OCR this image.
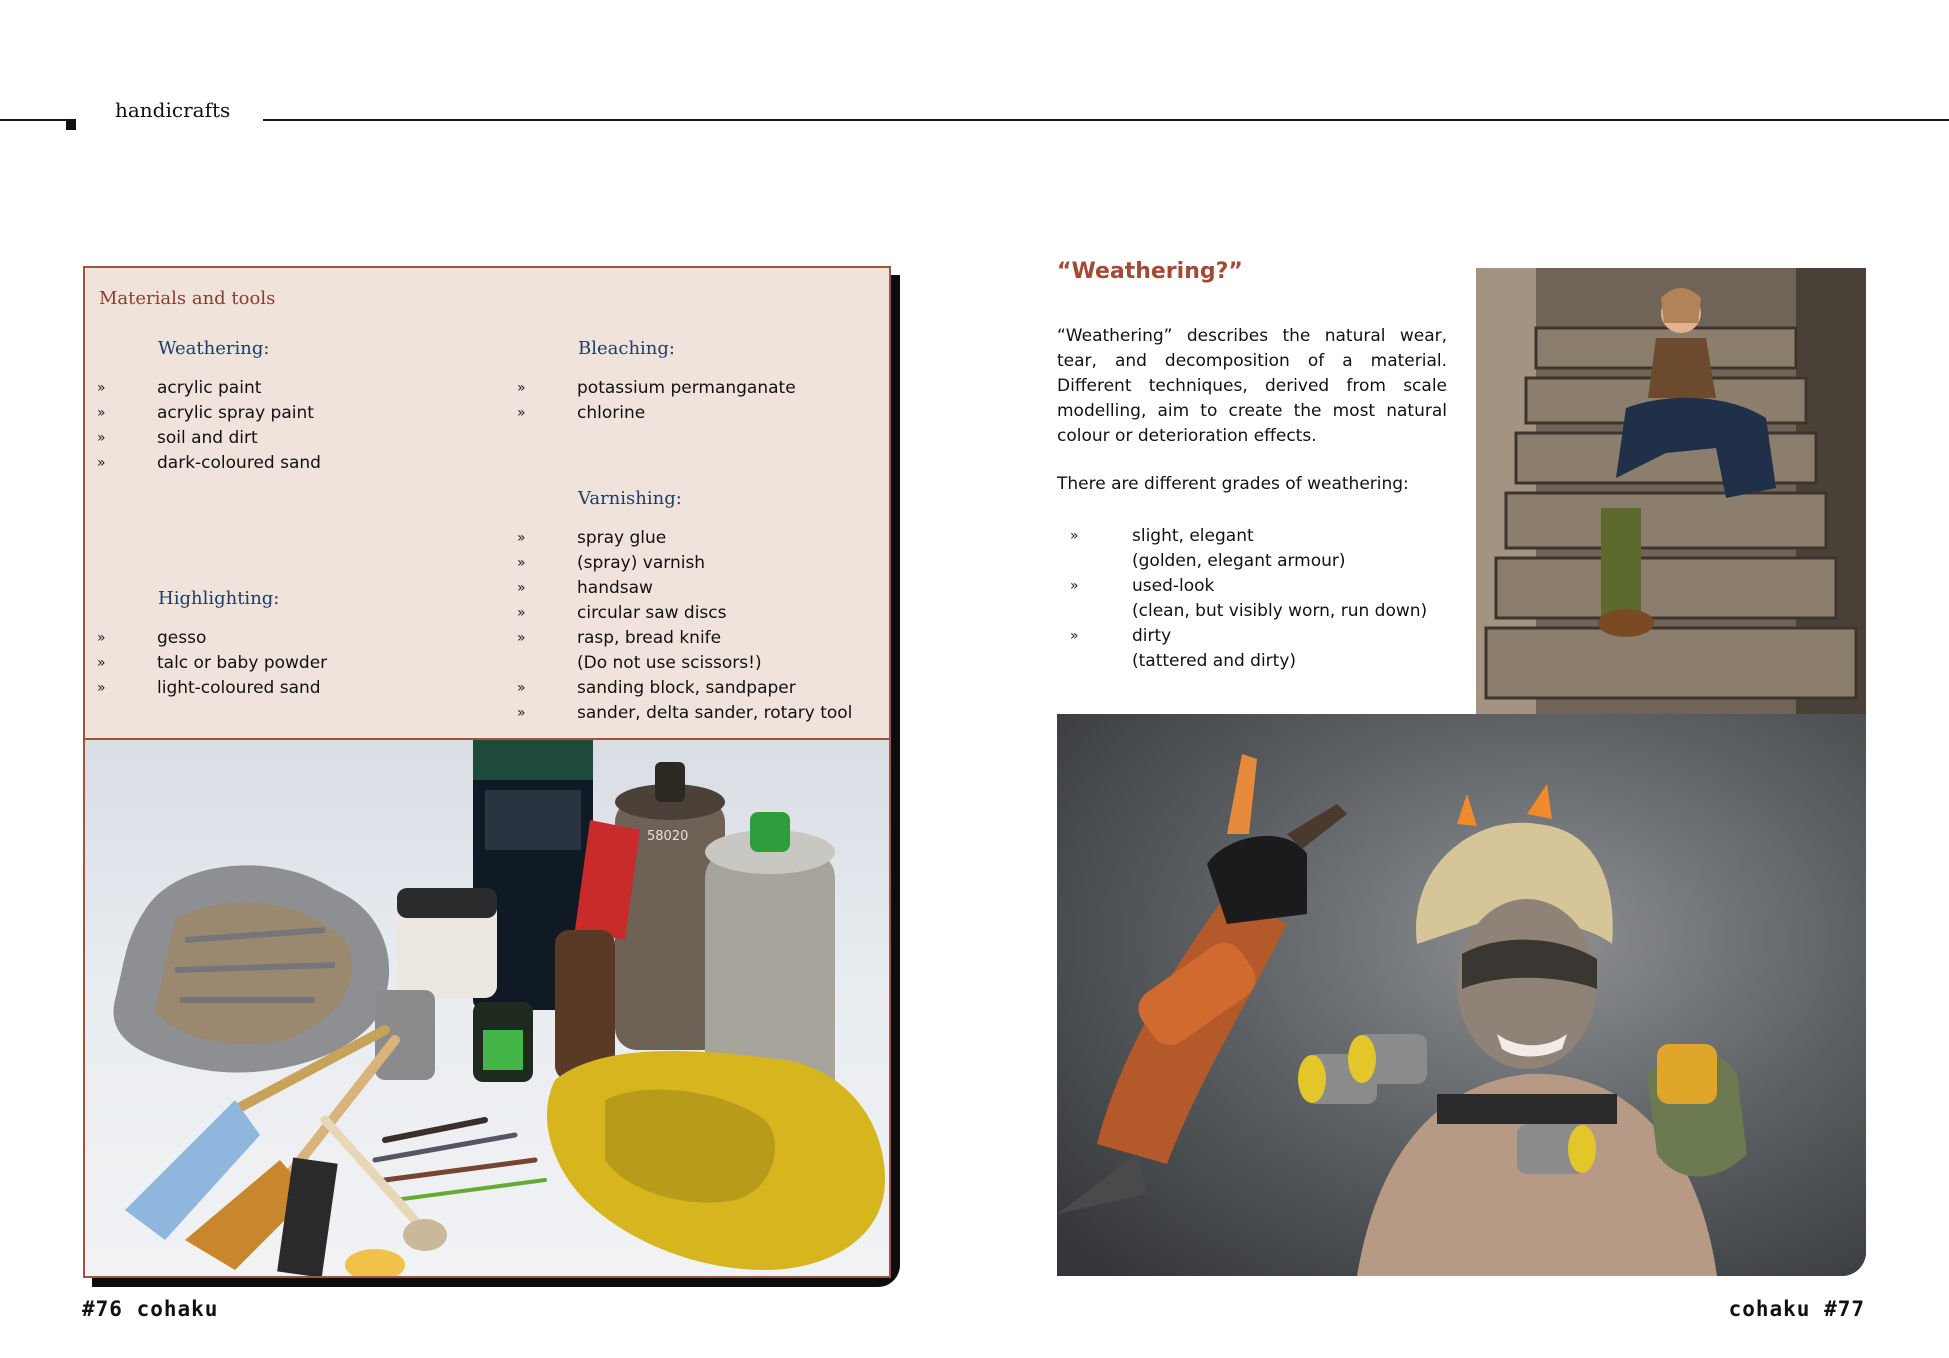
handicrafts
Materials and tools
Weathering:
»	acrylic paint
»	acrylic spray paint
»	soil and dirt
»	dark-coloured sand
Highlighting:
»	gesso
»	talc or baby powder
»	light-coloured sand
Bleaching:
»	potassium permanganate
»	chlorine
Varnishing:
»	spray glue
»	(spray) varnish
»	handsaw
»	circular saw discs
»	rasp, bread knife
(Do not use scissors!)
»	sanding block, sandpaper
»	sander, delta sander, rotary tool
58020
“Weathering?”
“Weathering” describes the natural wear, tear, and decomposition of a material. Different techniques, derived from scale modelling, aim to create the most natural colour or deterioration effects.
There are different grades of weathering:
»	slight, elegant
(golden, elegant armour)
»	used-look
(clean, but visibly worn, run down)
»	dirty
(tattered and dirty)
#76 cohaku	cohaku #77
